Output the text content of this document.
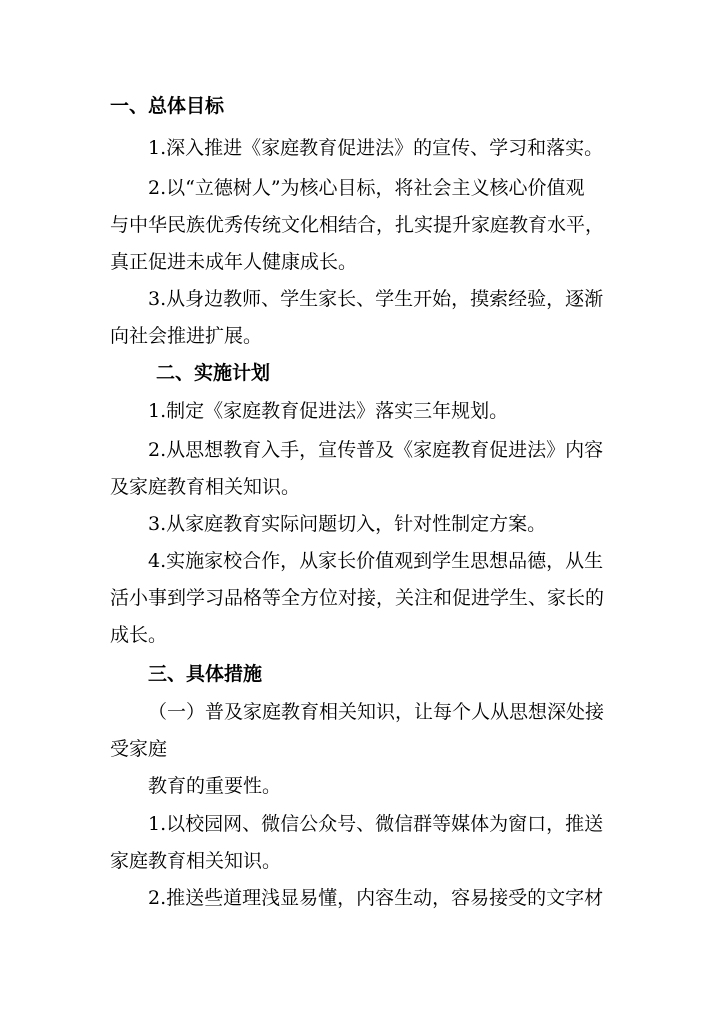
一、总体目标

1.深入推进《家庭教育促进法》的宣传、学习和落实。

2.以“立德树人”为核心目标，将社会主义核心价值观

与中华民族优秀传统文化相结合，扎实提升家庭教育水平，

真正促进未成年人健康成长。

3.从身边教师、学生家长、学生开始，摸索经验，逐渐

向社会推进扩展。

二、实施计划

1.制定《家庭教育促进法》落实三年规划。

2.从思想教育入手，宣传普及《家庭教育促进法》内容

及家庭教育相关知识。

3.从家庭教育实际问题切入，针对性制定方案。

4.实施家校合作，从家长价值观到学生思想品德，从生

活小事到学习品格等全方位对接，关注和促进学生、家长的

成长。

三、具体措施

（一）普及家庭教育相关知识，让每个人从思想深处接

受家庭

教育的重要性。

1.以校园网、微信公众号、微信群等媒体为窗口，推送

家庭教育相关知识。

2.推送些道理浅显易懂，内容生动，容易接受的文字材
